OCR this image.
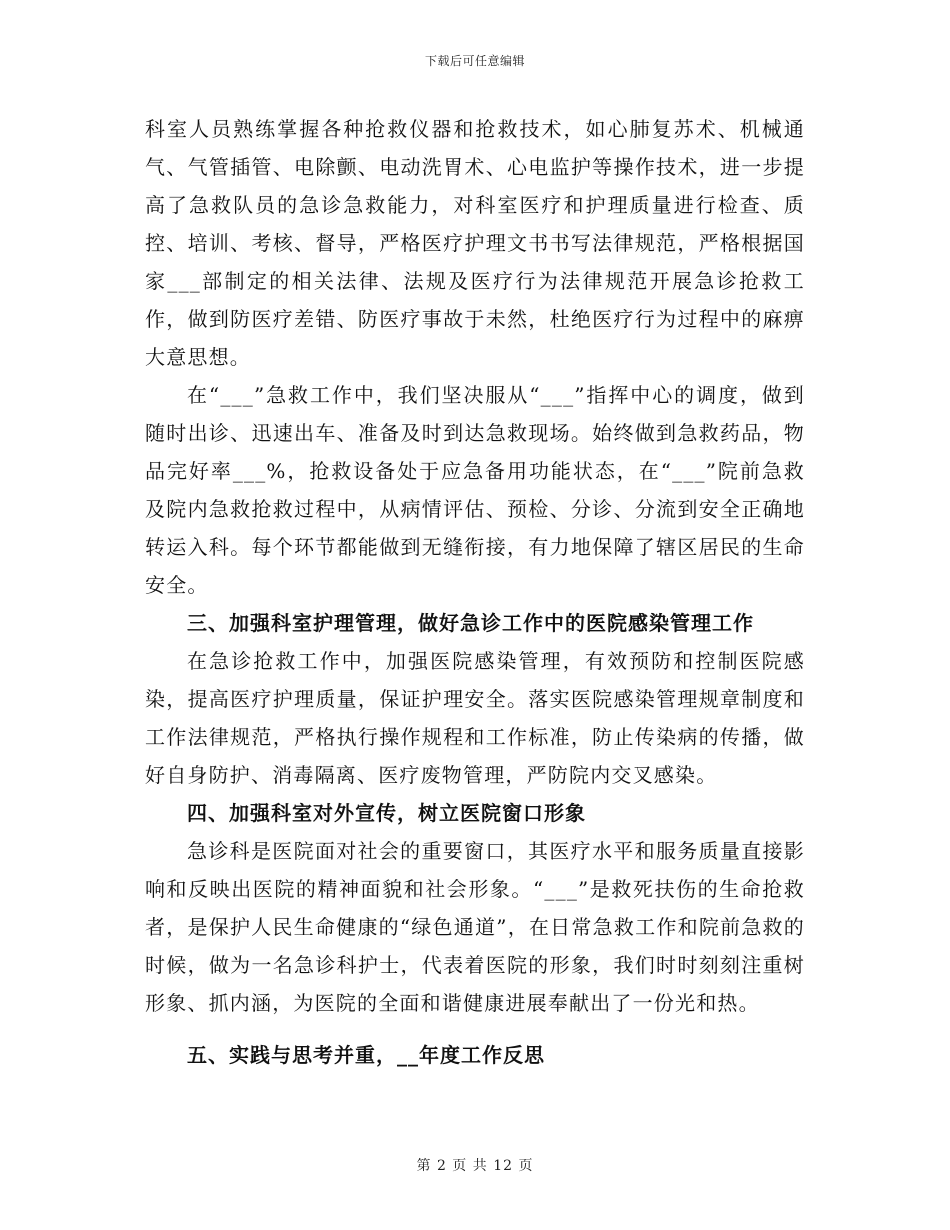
下载后可任意编辑

科室人员熟练掌握各种抢救仪器和抢救技术，如心肺复苏术、机械通气、气管插管、电除颤、电动洗胃术、心电监护等操作技术，进一步提高了急救队员的急诊急救能力，对科室医疗和护理质量进行检查、质控、培训、考核、督导，严格医疗护理文书书写法律规范，严格根据国家___部制定的相关法律、法规及医疗行为法律规范开展急诊抢救工作，做到防医疗差错、防医疗事故于未然，杜绝医疗行为过程中的麻痹大意思想。

在“___”急救工作中，我们坚决服从“___”指挥中心的调度，做到随时出诊、迅速出车、准备及时到达急救现场。始终做到急救药品，物品完好率___%，抢救设备处于应急备用功能状态，在“___”院前急救及院内急救抢救过程中，从病情评估、预检、分诊、分流到安全正确地转运入科。每个环节都能做到无缝衔接，有力地保障了辖区居民的生命安全。

三、加强科室护理管理，做好急诊工作中的医院感染管理工作

在急诊抢救工作中，加强医院感染管理，有效预防和控制医院感染，提高医疗护理质量，保证护理安全。落实医院感染管理规章制度和工作法律规范，严格执行操作规程和工作标准，防止传染病的传播，做好自身防护、消毒隔离、医疗废物管理，严防院内交叉感染。

四、加强科室对外宣传，树立医院窗口形象

急诊科是医院面对社会的重要窗口，其医疗水平和服务质量直接影响和反映出医院的精神面貌和社会形象。“___”是救死扶伤的生命抢救者，是保护人民生命健康的“绿色通道”，在日常急救工作和院前急救的时候，做为一名急诊科护士，代表着医院的形象，我们时时刻刻注重树形象、抓内涵，为医院的全面和谐健康进展奉献出了一份光和热。

五、实践与思考并重，__年度工作反思

第 2 页 共 12 页
